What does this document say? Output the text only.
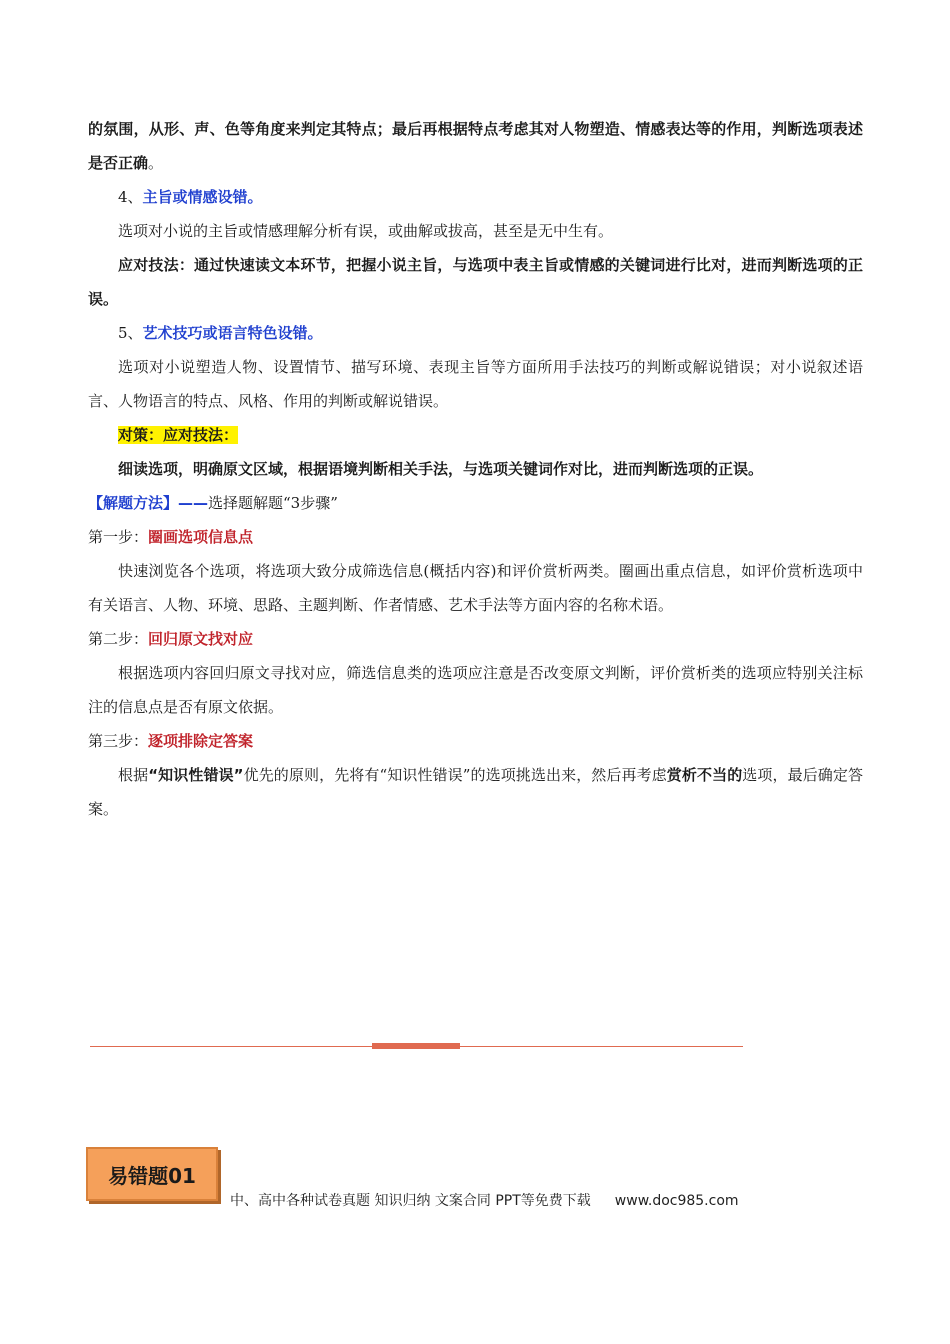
的氛围，从形、声、色等角度来判定其特点；最后再根据特点考虑其对人物塑造、情感表达等的作用，判断选项表述是否正确。

4、主旨或情感设错。

选项对小说的主旨或情感理解分析有误，或曲解或拔高，甚至是无中生有。

应对技法：通过快速读文本环节，把握小说主旨，与选项中表主旨或情感的关键词进行比对，进而判断选项的正误。

5、艺术技巧或语言特色设错。

选项对小说塑造人物、设置情节、描写环境、表现主旨等方面所用手法技巧的判断或解说错误；对小说叙述语言、人物语言的特点、风格、作用的判断或解说错误。

对策：应对技法：

细读选项，明确原文区域，根据语境判断相关手法，与选项关键词作对比，进而判断选项的正误。

【解题方法】——选择题解题“3步骤”

第一步：圈画选项信息点

快速浏览各个选项，将选项大致分成筛选信息(概括内容)和评价赏析两类。圈画出重点信息，如评价赏析选项中有关语言、人物、环境、思路、主题判断、作者情感、艺术手法等方面内容的名称术语。

第二步：回归原文找对应

根据选项内容回归原文寻找对应，筛选信息类的选项应注意是否改变原文判断，评价赏析类的选项应特别关注标注的信息点是否有原文依据。

第三步：逐项排除定答案

根据“知识性错误”优先的原则，先将有“知识性错误”的选项挑选出来，然后再考虑赏析不当的选项，最后确定答案。

中、高中各种试卷真题 知识归纳 文案合同 PPT等免费下载 www.doc985.com
易错题01
